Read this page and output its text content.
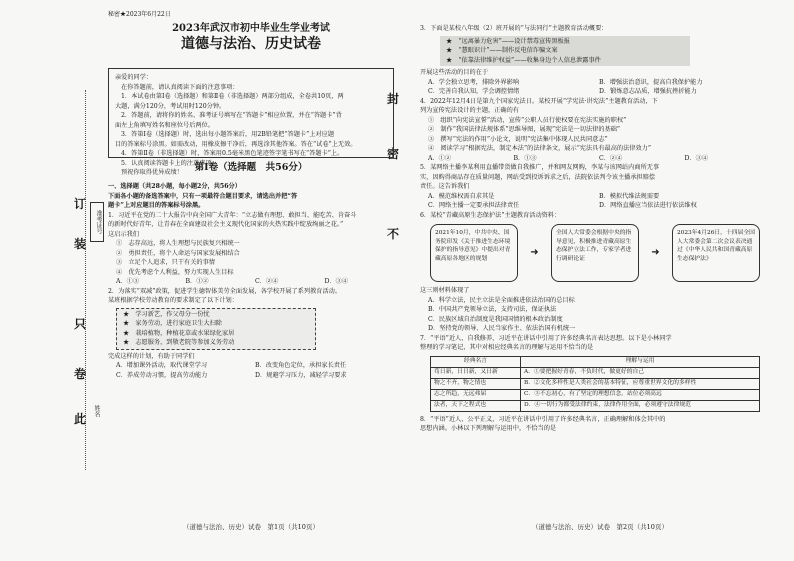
准考证号
姓名
此
卷
只
装
订
不
密
封
秘密★2023年6月22日
2023年武汉市初中毕业生学业考试
道德与法治、历史试卷

亲爱的同学：

在你答题前，请认真阅读下面的注意事项：

1．本试卷由第Ⅰ卷（选择题）和第Ⅱ卷（非选择题）两部分组成，全卷共10页，两

大题，满分120分，考试用时120分钟。

2．答题前，请将你的姓名、准考证号填写在“答题卡”相应位置，并在“答题卡”背

面左上角填写姓名和座位号后两位。

3．答第Ⅰ卷（选择题）时，选出每小题答案后，用2B铅笔把“答题卡”上对应题

目的答案标号涂黑。如需改动，用橡皮擦干净后，再选涂其他答案。答在“试卷”上无效。

4．答第Ⅱ卷（非选择题）时，答案用0.5毫米黑色笔迹签字笔书写在“答题卡”上。

5．认真阅读答题卡上的注意事项。

预祝你取得优异成绩！	第Ⅰ卷（选择题　共56分）

一、选择题（共28小题，每小题2分，共56分）

下面各小题的备选答案中，只有一项最符合题目要求，请选出并把“答

题卡”上对应题目的答案标号涂黑。

1．习近平在党的二十大报告中向全国广大青年：“立志做有理想、敢担当、能吃苦、肯奋斗

的新时代好青年，让青春在全面建设社会主义现代化国家的火热实践中绽放绚丽之花。”

这启示我们

①　志存高远，将人生理想与民族复兴相统一

②　勇担责任，将个人命运与国家发展相结合

③　立足个人追求，只干有关的事情

④　优先考虑个人利益，努力实现人生目标

A．①③	B．①②	C．②④	D．③④

2．为落实“双减”政策，促进学生德智体美劳全面发展，各学校开展了系列教育活动。

某班根据学校劳动教育的要求制定了以下计划：

★　学习新艺，作父母分一份忧

★　家务劳动，进行家庭卫生大扫除

★　栽培植物，种植花草或水果绿化家居

★　志愿服务，到敬老院等参加义务劳动

完成这样的计划，有助于同学们

A．增加课外活动，取代课堂学习	B．改变角色定位，承担家长责任
C．养成劳动习惯，提高劳动能力	D．规避学习压力，减轻学习要求
（道德与法治、历史）试卷　第1页（共10页）

3．下面是某校八年级（2）班开展的“与法同行”主题教育活动概要：

★　“远离暴力危害”——设计禁毒宣传黑板报

★　“慧眼识计”——制作反电信诈骗文案

★　“依靠法律维护权益”——收集身边个人信息泄露事件

开展这些活动的目的在于

A．学会独立思考，排除外界影响	B．增强法治意识，提高自我保护能力
C．完善自我认知，学会调控情绪	D．锻炼意志品质，增强抗挫折能力

4．2022年12月4日是第九个国家宪法日。某校开展“学宪法·讲宪法”主题教育活动，下

列为宣传宪法设计的主题，正确的有

①　组织“向宪法宣誓”活动，宣传“公职人员行使权要在宪法实施的职权”

②　制作“我国法律法规体系”思维导图，展现“宪法是一切法律的基础”

③　撰写“宪法的作用”小论文，说明“宪法集中体现人民共同意志”

④　阅读学习“根据宪法，制定本法”的法律条文，展示“宪法具有最高的法律效力”

A．①②	B．①③	C．②④	D．③④

5．某网络主播李某利用直播带货做自我推广，并和网友网购，李某与该网站内商所无事

实，因购得商品存在质量问题，网站受到投诉诉求之后，法院依法判令该主播承担赔偿

责任。这告诉我们

A．模范维权需自求其是	B．模拟代维法规需要
C．网络主播一定要承担法律责任	D．网络直播应当依法进行依法维权

6．某校“青藏高原生态保护法”主题教育活动资料：

2021年10月，中共中央、国务院印发《关于推进生态环境保护的指导意见》中提出对青藏高原各地区的规划
➜
全国人大常委会根据中央的指导意见，积极推进青藏高原生态保护立法工作，专家学者进行调研论证
➜
2023年4月26日，十四届全国人大常委会第二次会议表决通过《中华人民共和国青藏高原生态保护法》

这三则材料体现了

A．科学立法，民主立法是全面推进依法治国的总目标

B．中国共产党领导立法，支持司法，保证执法

C．民族区域自治制度是我国国情的根本政治制度

D．坚持党的领导、人民当家作主、依法治国有机统一

7．“平语”近人，自我修养，习近平在讲话中引用了许多经典名言表达思想。以下是小林同学

整理的学习笔记，其中对相应经典名言的理解与运用不恰当的是

经典名言	理解与运用
苟日新，日日新，又日新	A．①要把握好青春，不负时代，做更好的自己
物之不齐，物之情也	B．②文化多样性是人类社会的基本特征，应尊重世界文化的多样性
志之所趋，无远弗届	C．③不忘初心，有了坚定的理想信念，站位必须高远
法者，天下之程式也	D．④一切行为都受法律约束，法律作用全面，必须遵守法律规范

8．“平语”近人，公平正义，习近平在讲话中引用了许多经典名言，正确理解和体会其中的

思想内涵。小林以下列理解与运用中，不恰当的是

（道德与法治、历史）试卷　第2页（共10页）
